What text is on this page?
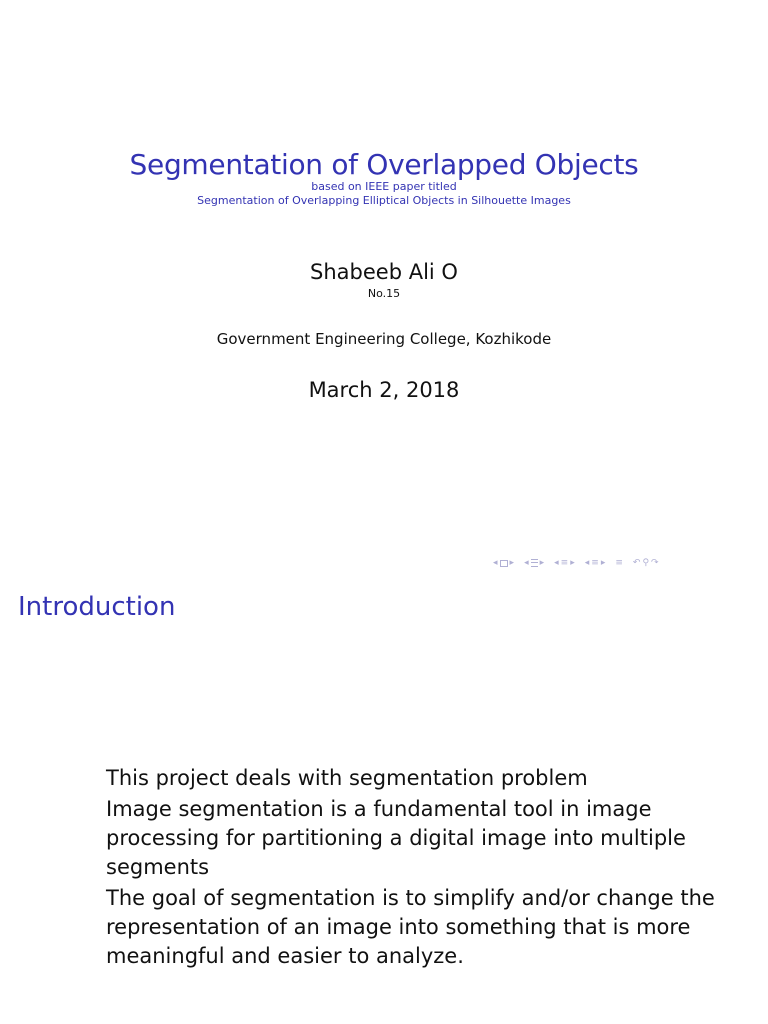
Segmentation of Overlapped Objects
based on IEEE paper titled
Segmentation of Overlapping Elliptical Objects in Silhouette Images
Shabeeb Ali O
No.15
Government Engineering College, Kozhikode
March 2, 2018
◂ ▸ ◂ ▸ ◂ ≡ ▸ ◂ ≡ ▸ ≡ ↶ ⚲ ↷
Introduction
This project deals with segmentation problem
Image segmentation is a fundamental tool in image processing for partitioning a digital image into multiple segments
The goal of segmentation is to simplify and/or change the representation of an image into something that is more meaningful and easier to analyze.
